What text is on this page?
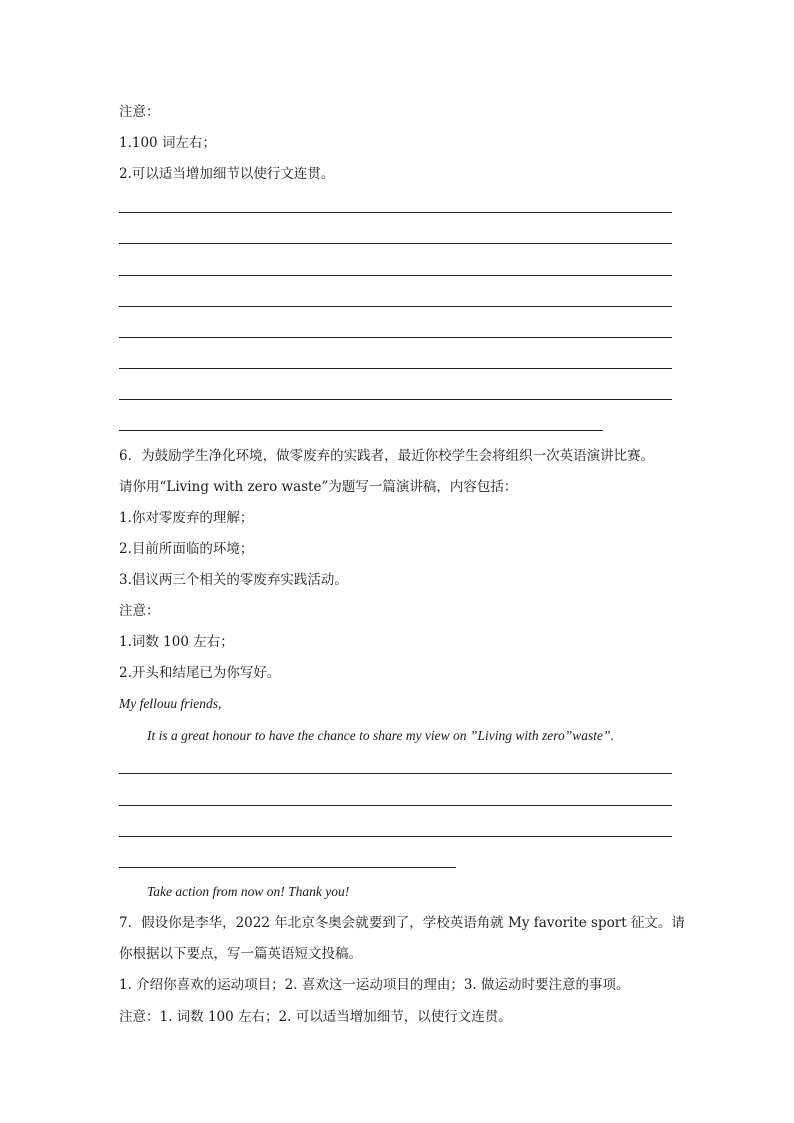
注意：
1.100 词左右；
2.可以适当增加细节以使行文连贯。
6．为鼓励学生净化环境，做零废弃的实践者，最近你校学生会将组织一次英语演讲比赛。
请你用“Living with zero waste”为题写一篇演讲稿，内容包括：
1.你对零废弃的理解；
2.目前所面临的环境；
3.倡议两三个相关的零废弃实践活动。
注意：
1.词数 100 左右；
2.开头和结尾已为你写好。
My fellouu friends,
It is a great honour to have the chance to share my view on ”Living with zero”waste”.
Take action from now on! Thank you!
7．假设你是李华，2022 年北京冬奥会就要到了，学校英语角就 My favorite sport 征文。请
你根据以下要点，写一篇英语短文投稿。
1. 介绍你喜欢的运动项目；2. 喜欢这一运动项目的理由；3. 做运动时要注意的事项。
注意：1. 词数 100 左右；2. 可以适当增加细节，以使行文连贯。
